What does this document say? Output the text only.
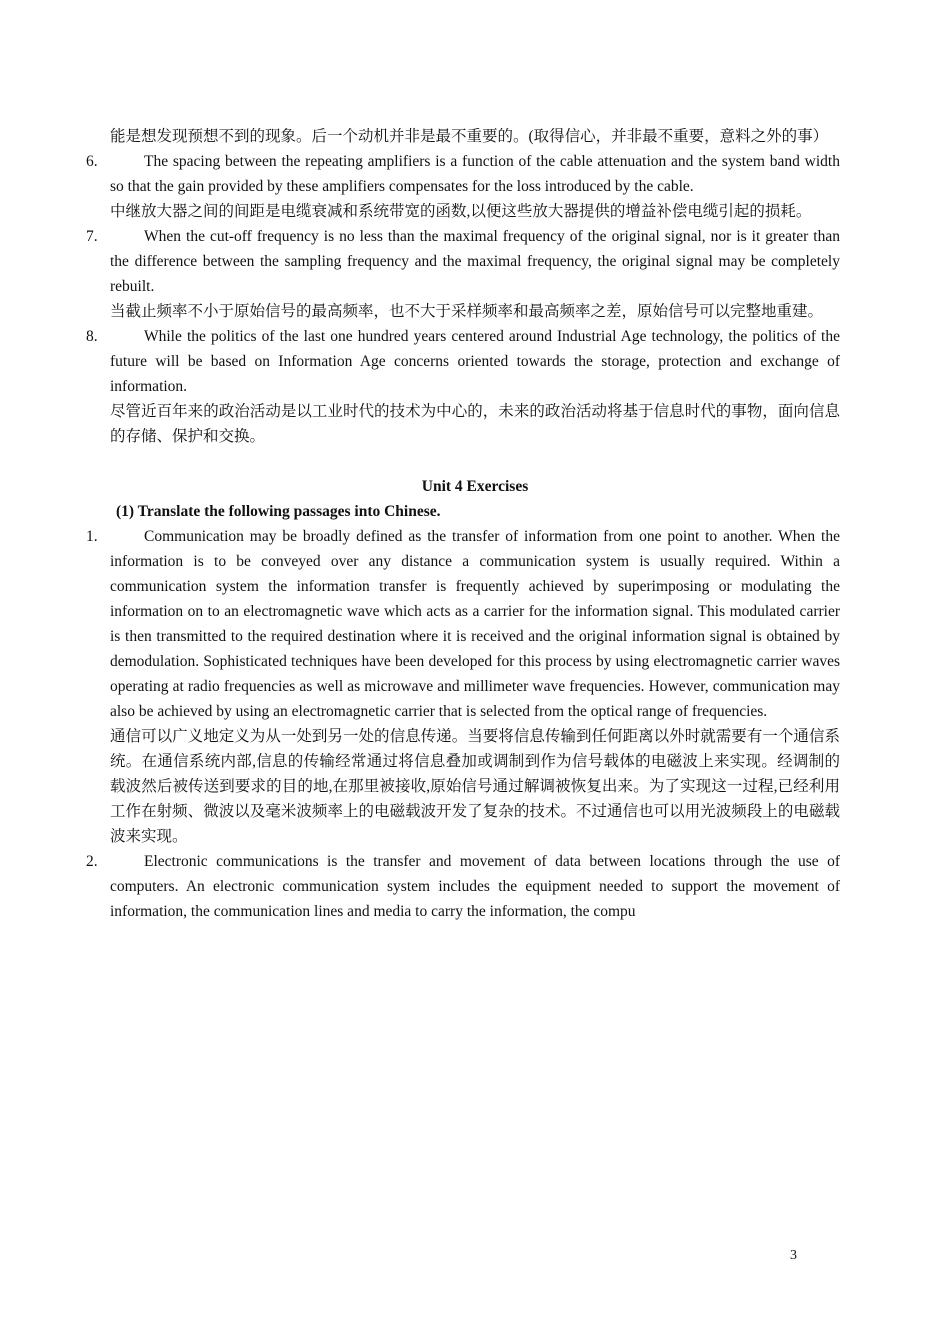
能是想发现预想不到的现象。后一个动机并非是最不重要的。(取得信心，并非最不重要，意料之外的事）

6.	The spacing between the repeating amplifiers is a function of the cable attenuation and the system band width so that the gain provided by these amplifiers compensates for the loss introduced by the cable.

中继放大器之间的间距是电缆衰减和系统带宽的函数,以便这些放大器提供的增益补偿电缆引起的损耗。

7.	When the cut-off frequency is no less than the maximal frequency of the original signal, nor is it greater than the difference between the sampling frequency and the maximal frequency, the original signal may be completely rebuilt.

当截止频率不小于原始信号的最高频率，也不大于采样频率和最高频率之差，原始信号可以完整地重建。

8.	While the politics of the last one hundred years centered around Industrial Age technology, the politics of the future will be based on Information Age concerns oriented towards the storage, protection and exchange of information.

尽管近百年来的政治活动是以工业时代的技术为中心的，未来的政治活动将基于信息时代的事物，面向信息的存储、保护和交换。

Unit 4 Exercises

(1) Translate the following passages into Chinese.

1.	Communication may be broadly defined as the transfer of information from one point to another. When the information is to be conveyed over any distance a communication system is usually required. Within a communication system the information transfer is frequently achieved by superimposing or modulating the information on to an electromagnetic wave which acts as a carrier for the information signal. This modulated carrier is then transmitted to the required destination where it is received and the original information signal is obtained by demodulation. Sophisticated techniques have been developed for this process by using electromagnetic carrier waves operating at radio frequencies as well as microwave and millimeter wave frequencies. However, communication may also be achieved by using an electromagnetic carrier that is selected from the optical range of frequencies.

通信可以广义地定义为从一处到另一处的信息传递。当要将信息传输到任何距离以外时就需要有一个通信系统。在通信系统内部,信息的传输经常通过将信息叠加或调制到作为信号载体的电磁波上来实现。经调制的载波然后被传送到要求的目的地,在那里被接收,原始信号通过解调被恢复出来。为了实现这一过程,已经利用工作在射频、微波以及毫米波频率上的电磁载波开发了复杂的技术。不过通信也可以用光波频段上的电磁载波来实现。

2.	Electronic communications is the transfer and movement of data between locations through the use of computers. An electronic communication system includes the equipment needed to support the movement of information, the communication lines and media to carry the information, the compu

3
